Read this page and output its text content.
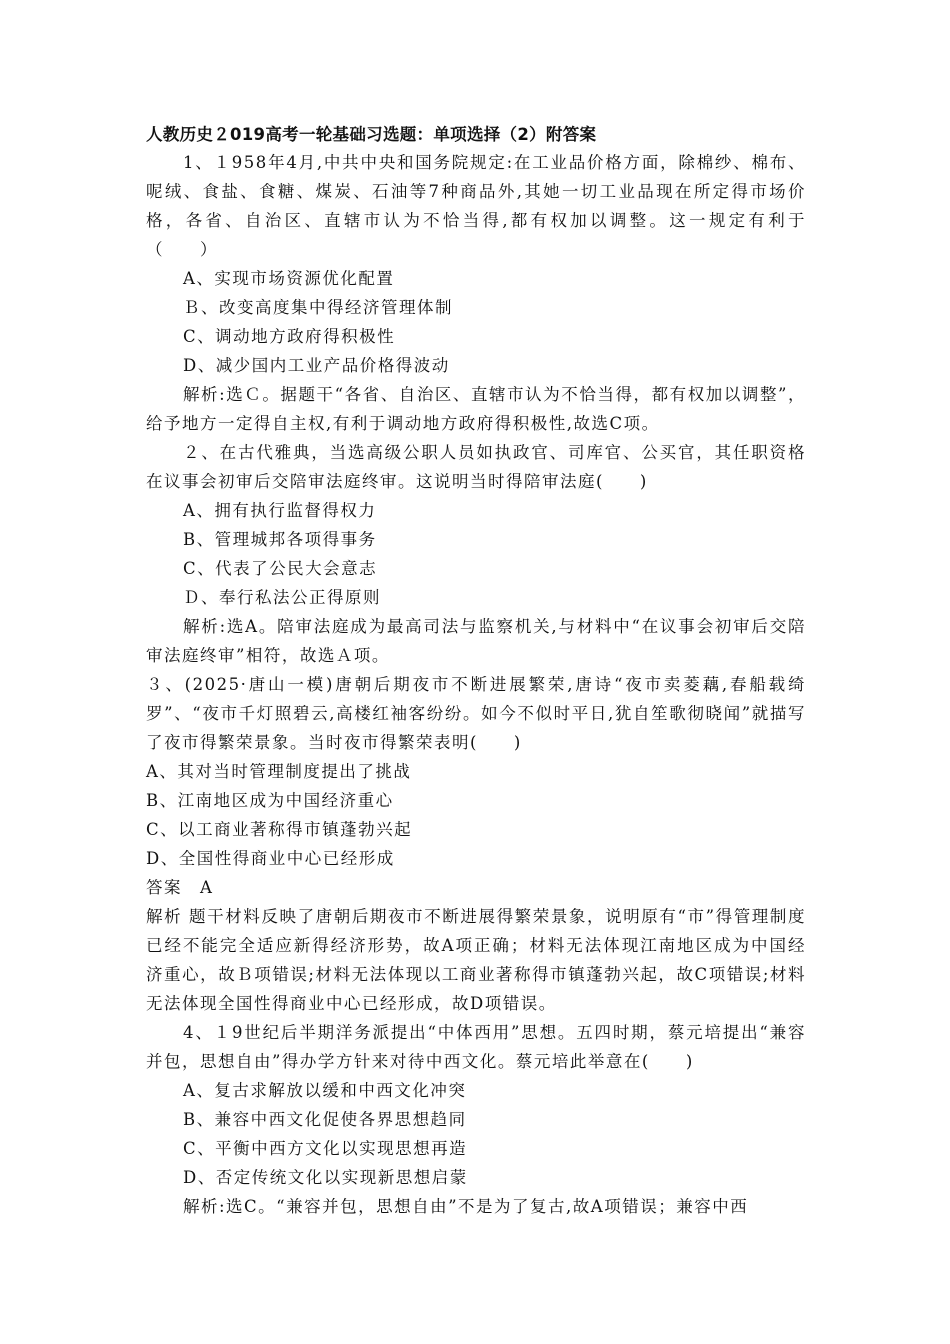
人教历史２019高考一轮基础习选题：单项选择（2）附答案

1、１958年4月,中共中央和国务院规定:在工业品价格方面，除棉纱、棉布、呢绒、食盐、食糖、煤炭、石油等7种商品外,其她一切工业品现在所定得市场价格，各省、自治区、直辖市认为不恰当得,都有权加以调整。这一规定有利于（　　）

A、实现市场资源优化配置

Ｂ、改变高度集中得经济管理体制

C、调动地方政府得积极性

D、减少国内工业产品价格得波动

解析:选Ｃ。据题干“各省、自治区、直辖市认为不恰当得，都有权加以调整”，给予地方一定得自主权,有利于调动地方政府得积极性,故选C项。

２、在古代雅典，当选高级公职人员如执政官、司库官、公买官，其任职资格在议事会初审后交陪审法庭终审。这说明当时得陪审法庭(　　)

A、拥有执行监督得权力

B、管理城邦各项得事务

C、代表了公民大会意志

Ｄ、奉行私法公正得原则

解析:选A。陪审法庭成为最高司法与监察机关,与材料中“在议事会初审后交陪审法庭终审”相符，故选Ａ项。

３、(2025·唐山一模)唐朝后期夜市不断进展繁荣,唐诗“夜市卖菱藕,春船载绮罗”、“夜市千灯照碧云,高楼红袖客纷纷。如今不似时平日,犹自笙歌彻晓闻”就描写了夜市得繁荣景象。当时夜市得繁荣表明(　　)

A、其对当时管理制度提出了挑战

B、江南地区成为中国经济重心

C、以工商业著称得市镇蓬勃兴起

D、全国性得商业中心已经形成

答案　A

解析 题干材料反映了唐朝后期夜市不断进展得繁荣景象，说明原有“市”得管理制度已经不能完全适应新得经济形势，故A项正确；材料无法体现江南地区成为中国经济重心，故Ｂ项错误;材料无法体现以工商业著称得市镇蓬勃兴起，故C项错误;材料无法体现全国性得商业中心已经形成，故D项错误。

4、１9世纪后半期洋务派提出“中体西用”思想。五四时期，蔡元培提出“兼容并包，思想自由”得办学方针来对待中西文化。蔡元培此举意在(　　)

A、复古求解放以缓和中西文化冲突

B、兼容中西文化促使各界思想趋同

C、平衡中西方文化以实现思想再造

D、否定传统文化以实现新思想启蒙

解析:选C。“兼容并包，思想自由”不是为了复古,故A项错误；兼容中西
